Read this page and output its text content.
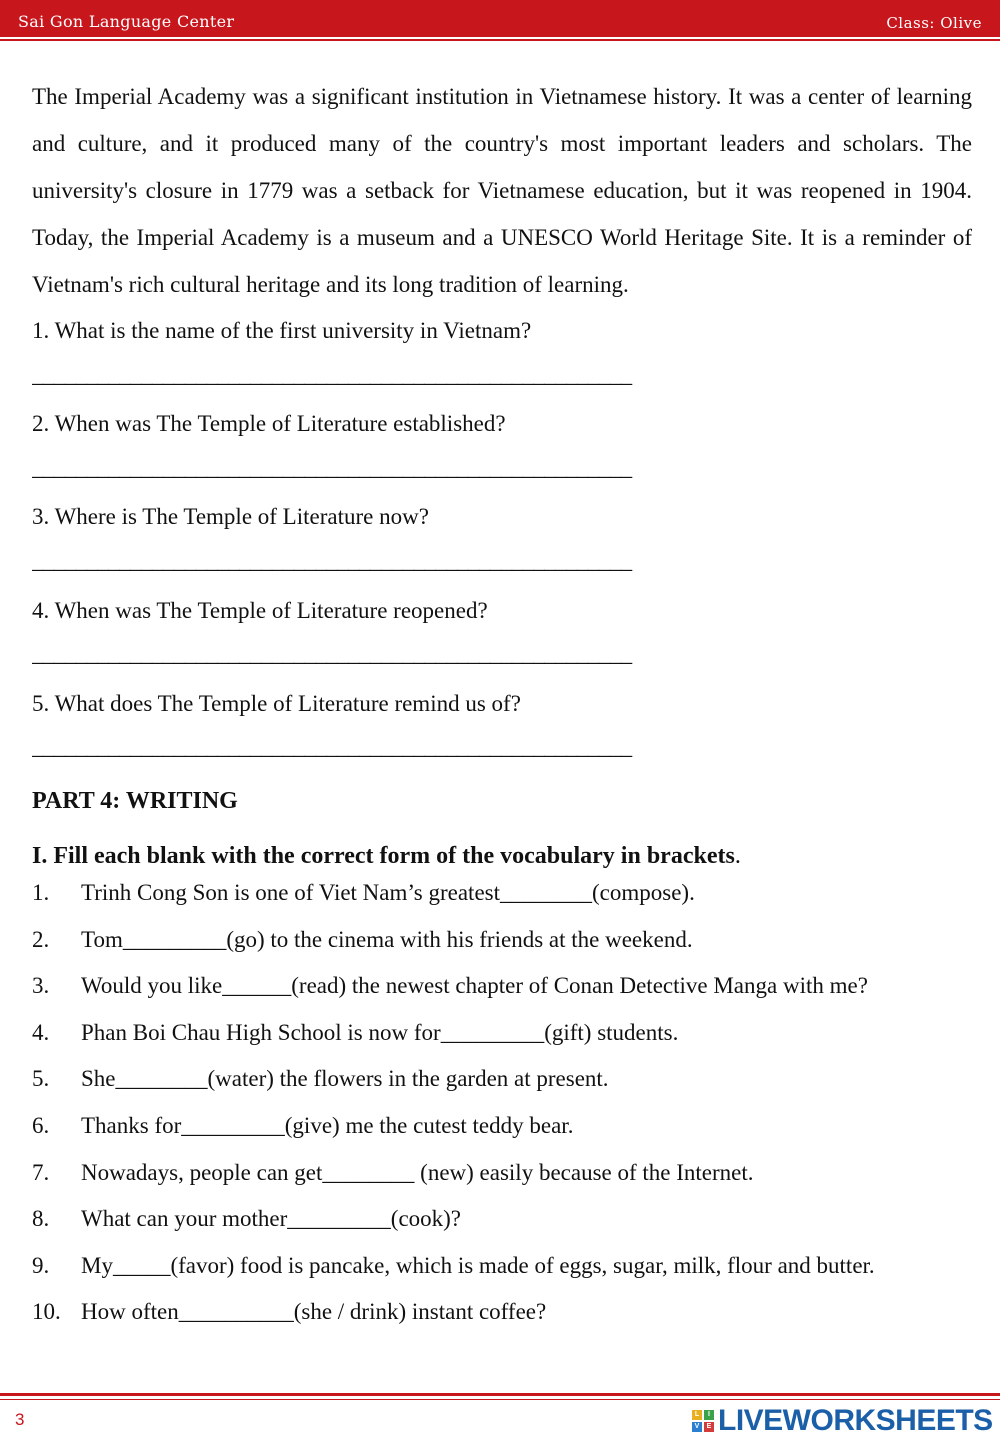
Sai Gon Language Center	Class: Olive

The Imperial Academy was a significant institution in Vietnamese history. It was a center of learning and culture, and it produced many of the country's most important leaders and scholars. The university's closure in 1779 was a setback for Vietnamese education, but it was reopened in 1904. Today, the Imperial Academy is a museum and a UNESCO World Heritage Site. It is a reminder of Vietnam's rich cultural heritage and its long tradition of learning.

1. What is the name of the first university in Vietnam?
_______________________________________________________
2. When was The Temple of Literature established?
_______________________________________________________
3. Where is The Temple of Literature now?
_______________________________________________________
4. When was The Temple of Literature reopened?
_______________________________________________________
5. What does The Temple of Literature remind us of?
_______________________________________________________
PART 4: WRITING
I. Fill each blank with the correct form of the vocabulary in brackets.
1.	Trinh Cong Son is one of Viet Nam’s greatest________(compose).
2.	Tom_________(go) to the cinema with his friends at the weekend.
3.	Would you like______(read) the newest chapter of Conan Detective Manga with me?
4.	Phan Boi Chau High School is now for_________(gift) students.
5.	She________(water) the flowers in the garden at present.
6.	Thanks for_________(give) me the cutest teddy bear.
7.	Nowadays, people can get________ (new) easily because of the Internet.
8.	What can your mother_________(cook)?
9.	My_____(favor) food is pancake, which is made of eggs, sugar, milk, flour and butter.
10. How often__________(she / drink) instant coffee?
3	L	I
V	E LIVEWORKSHEETS
